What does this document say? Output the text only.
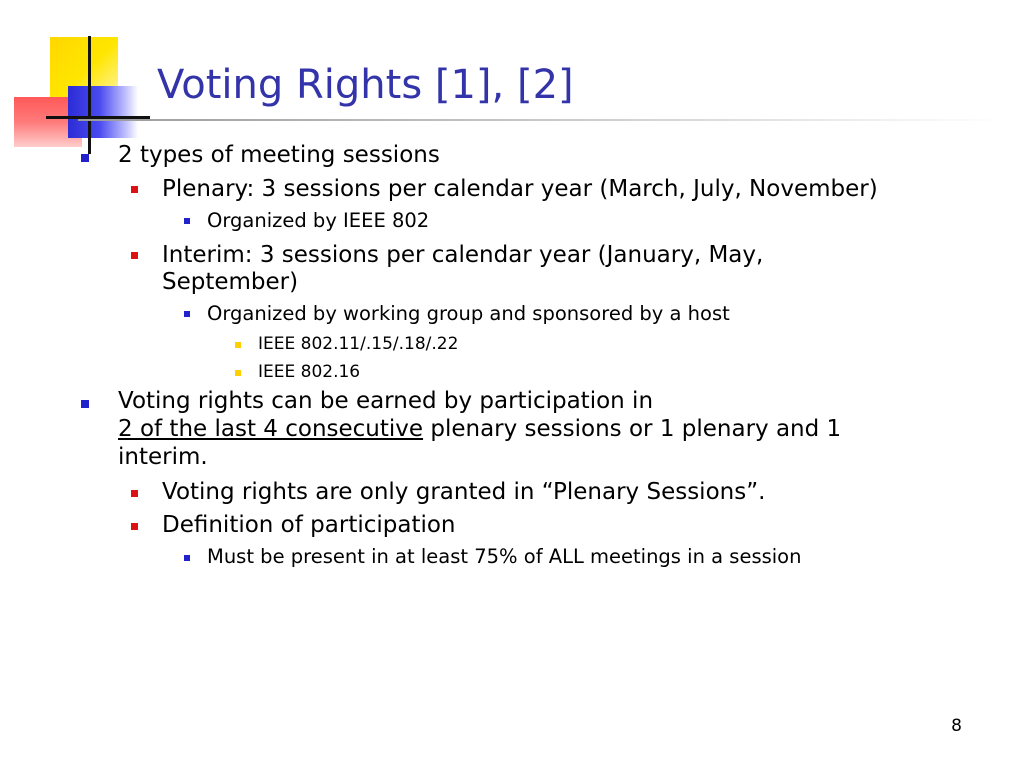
Voting Rights [1], [2]
2 types of meeting sessions
Plenary: 3 sessions per calendar year (March, July, November)
Organized by IEEE 802
Interim: 3 sessions per calendar year (January, May,
September)
Organized by working group and sponsored by a host
IEEE 802.11/.15/.18/.22
IEEE 802.16
Voting rights can be earned by participation in
2 of the last 4 consecutive plenary sessions or 1 plenary and 1
interim.
Voting rights are only granted in “Plenary Sessions”.
Definition of participation
Must be present in at least 75% of ALL meetings in a session
8
